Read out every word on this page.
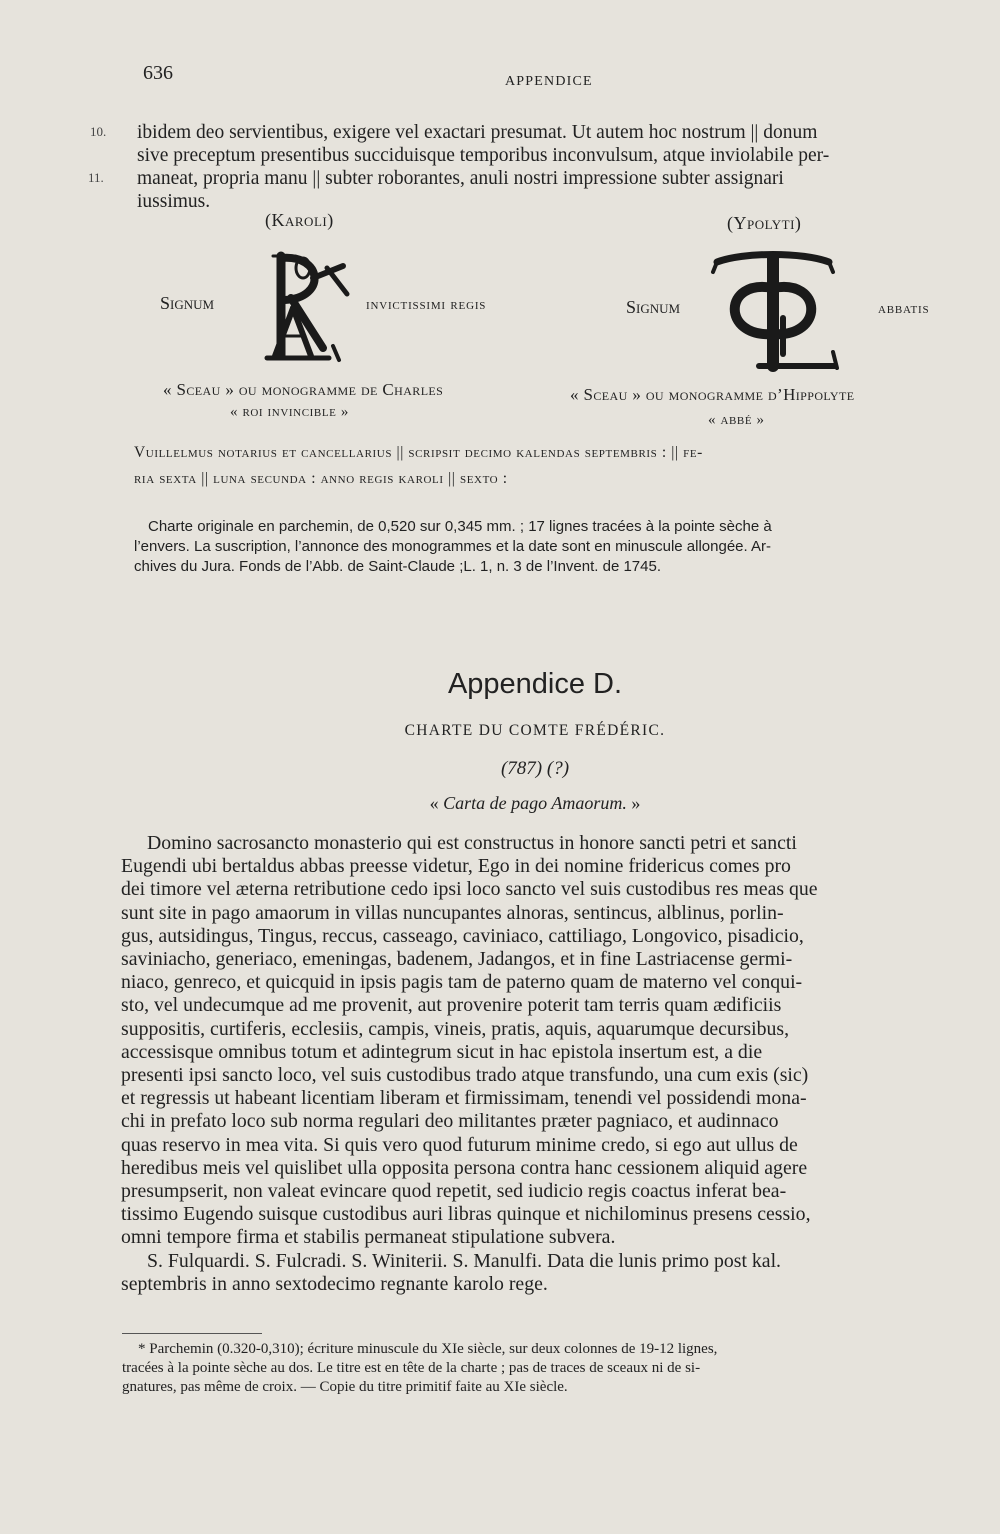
636	APPENDICE
10.
11.

ibidem deo servientibus, exigere vel exactari presumat. Ut autem hoc nostrum || donum

sive preceptum presentibus succiduisque temporibus inconvulsum, atque inviolabile per-

maneat, propria manu || subter roborantes, anuli nostri impressione subter assignari

iussimus.

(Karoli)	(Ypolyti)
Signum	invictissimi regis	Signum	abbatis
« Sceau » ou monogramme de Charles
« roi invincible »
« Sceau » ou monogramme d’Hippolyte
« abbé »

Vuillelmus notarius et cancellarius || scripsit decimo kalendas septembris : || fe-

ria sexta || luna secunda : anno regis karoli || sexto :

Charte originale en parchemin, de 0,520 sur 0,345 mm. ; 17 lignes tracées à la pointe sèche à

l’envers. La suscription, l’annonce des monogrammes et la date sont en minuscule allongée. Ar-

chives du Jura. Fonds de l’Abb. de Saint-Claude ;L. 1, n. 3 de l’Invent. de 1745.

Appendice D.
CHARTE DU COMTE FRÉDÉRIC.
(787) (?)
« Carta de pago Amaorum. »

Domino sacrosancto monasterio qui est constructus in honore sancti petri et sancti

Eugendi ubi bertaldus abbas preesse videtur, Ego in dei nomine fridericus comes pro

dei timore vel æterna retributione cedo ipsi loco sancto vel suis custodibus res meas que

sunt site in pago amaorum in villas nuncupantes alnoras, sentincus, alblinus, porlin-

gus, autsidingus, Tingus, reccus, casseago, caviniaco, cattiliago, Longovico, pisadicio,

saviniacho, generiaco, emeningas, badenem, Jadangos, et in fine Lastriacense germi-

niaco, genreco, et quicquid in ipsis pagis tam de paterno quam de materno vel conqui-

sto, vel undecumque ad me provenit, aut provenire poterit tam terris quam ædificiis

suppositis, curtiferis, ecclesiis, campis, vineis, pratis, aquis, aquarumque decursibus,

accessisque omnibus totum et adintegrum sicut in hac epistola insertum est, a die

presenti ipsi sancto loco, vel suis custodibus trado atque transfundo, una cum exis (sic)

et regressis ut habeant licentiam liberam et firmissimam, tenendi vel possidendi mona-

chi in prefato loco sub norma regulari deo militantes præter pagniaco, et audinnaco

quas reservo in mea vita. Si quis vero quod futurum minime credo, si ego aut ullus de

heredibus meis vel quislibet ulla opposita persona contra hanc cessionem aliquid agere

presumpserit, non valeat evincare quod repetit, sed iudicio regis coactus inferat bea-

tissimo Eugendo suisque custodibus auri libras quinque et nichilominus presens cessio,

omni tempore firma et stabilis permaneat stipulatione subvera.

S. Fulquardi. S. Fulcradi. S. Winiterii. S. Manulfi. Data die lunis primo post kal.

septembris in anno sextodecimo regnante karolo rege.

* Parchemin (0.320-0,310); écriture minuscule du XIe siècle, sur deux colonnes de 19-12 lignes,

tracées à la pointe sèche au dos. Le titre est en tête de la charte ; pas de traces de sceaux ni de si-

gnatures, pas même de croix. — Copie du titre primitif faite au XIe siècle.
